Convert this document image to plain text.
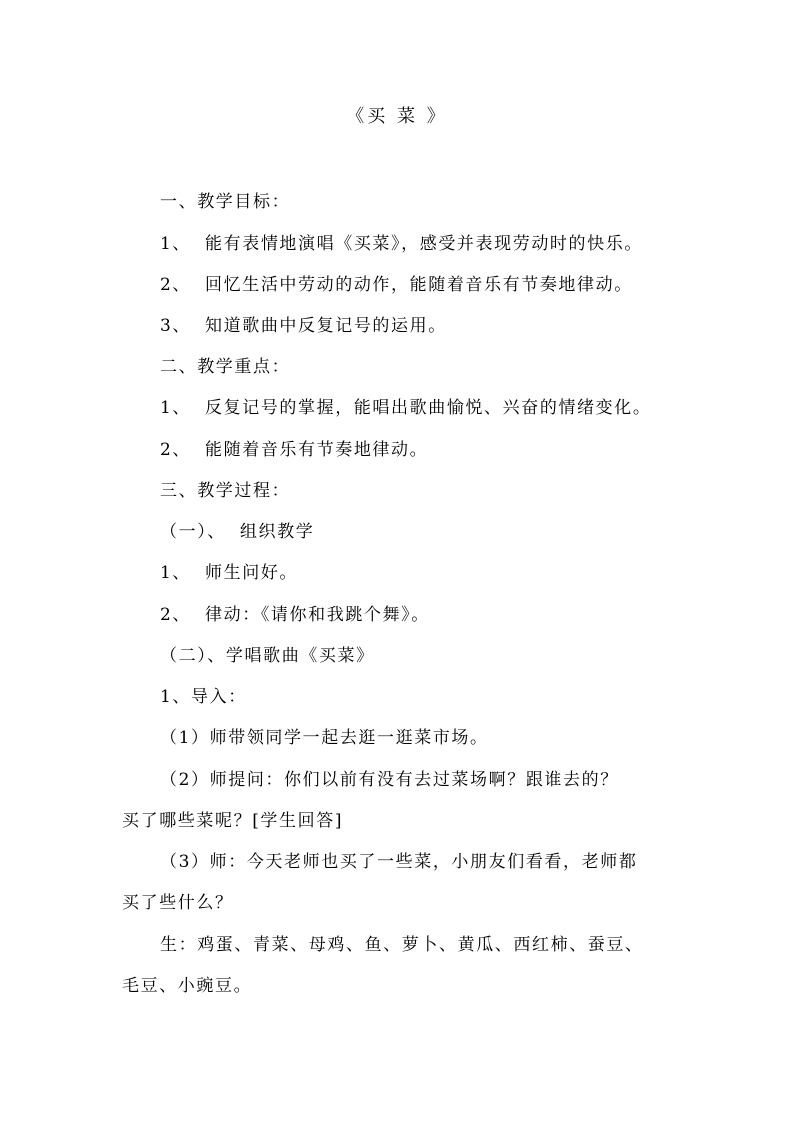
《买 菜 》
一、教学目标：
1、  能有表情地演唱《买菜》，感受并表现劳动时的快乐。
2、  回忆生活中劳动的动作，能随着音乐有节奏地律动。
3、  知道歌曲中反复记号的运用。
二、教学重点：
1、  反复记号的掌握，能唱出歌曲愉悦、兴奋的情绪变化。
2、  能随着音乐有节奏地律动。
三、教学过程：
（一）、  组织教学
1、  师生问好。
2、  律动：《请你和我跳个舞》。
（二）、学唱歌曲《买菜》
1、导入：
（1）师带领同学一起去逛一逛菜市场。
（2）师提问：你们以前有没有去过菜场啊？跟谁去的？
买了哪些菜呢？[学生回答]
（3）师：今天老师也买了一些菜，小朋友们看看，老师都
买了些什么？
生：鸡蛋、青菜、母鸡、鱼、萝卜、黄瓜、西红柿、蚕豆、
毛豆、小豌豆。
